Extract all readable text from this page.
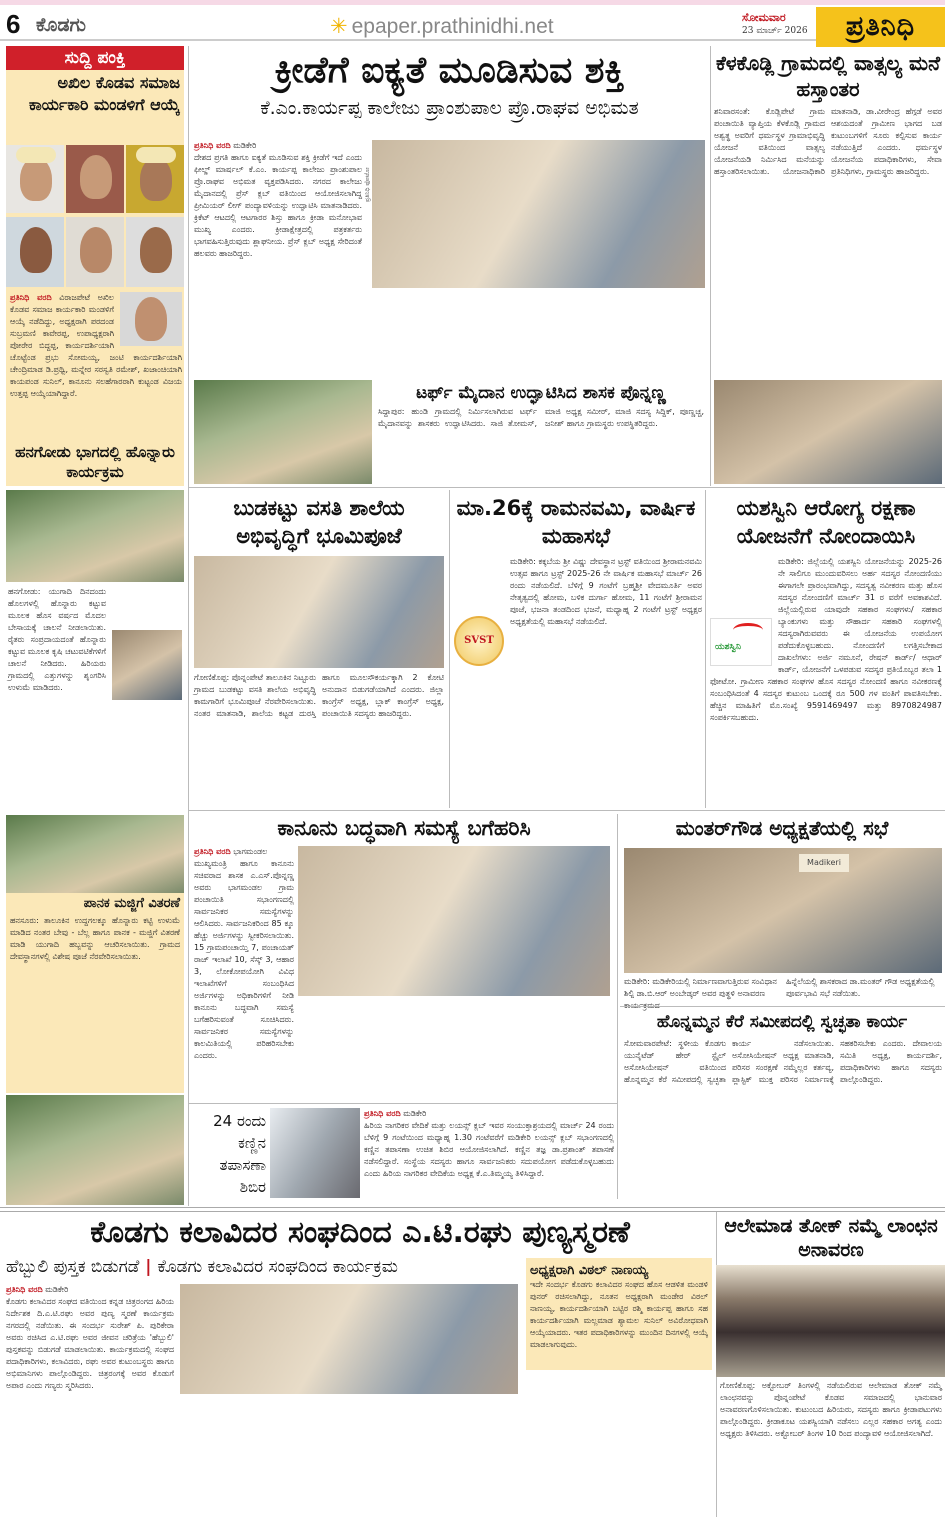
6 ಕೊಡಗು	✳ epaper.prathinidhi.net	ಸೋಮವಾರ
23 ಮಾರ್ಚ್ 2026	ಪ್ರತಿನಿಧಿ
ಸುದ್ದಿ ಪಂಕ್ತಿ
ಅಖಿಲ ಕೊಡವ ಸಮಾಜ ಕಾರ್ಯಕಾರಿ ಮಂಡಳಿಗೆ ಆಯ್ಕೆ
ಪ್ರತಿನಿಧಿ ವರದಿ ವಿರಾಜಪೇಟೆ ಅಖಿಲ ಕೊಡವ ಸಮಾಜ ಕಾರ್ಯಕಾರಿ ಮಂಡಳಿಗೆ ಆಯ್ಕೆ ನಡೆದಿದ್ದು, ಅಧ್ಯಕ್ಷರಾಗಿ ಪರದಂಡ ಸುಬ್ರಮಣಿ ಕಾವೇರಪ್ಪ, ಉಪಾಧ್ಯಕ್ಷರಾಗಿ ಪೋರೇರ ಬಿದ್ದಪ್ಪ, ಕಾರ್ಯದರ್ಶಿಯಾಗಿ ಚೊಟ್ಟೆಂಡ ಪ್ರಭು ಸೋಮಯ್ಯ, ಜಂಟಿ ಕಾರ್ಯದರ್ಶಿಯಾಗಿ ಚೇಂದ್ರಿಮಾಡ ಡಿ.ಪ್ರಥ್ವಿ, ಮನ್ನೇರ ಸರಸ್ವತಿ ರಮೇಶ್, ಖಜಾಂಚಿಯಾಗಿ ಕಾಯಪಂಡ ಸುನಿಲ್, ಕಾನೂನು ಸಲಹೆಗಾರರಾಗಿ ಕುಟ್ಟಂಡ ವಿಜಯ ಉತ್ತಪ್ಪ ಆಯ್ಕೆಯಾಗಿದ್ದಾರೆ.
ಹನಗೋಡು ಭಾಗದಲ್ಲಿ ಹೊನ್ನಾರು ಕಾರ್ಯಕ್ರಮ
ಹನಗೋಡು: ಯುಗಾದಿ ದಿನದಂದು ಹೊಲಗಳಲ್ಲಿ ಹೊನ್ನಾರು ಕಟ್ಟುವ ಮೂಲಕ ಹೊಸ ವರ್ಷದ ಮೊದಲ ಬೇಸಾಯಕ್ಕೆ ಚಾಲನೆ ನೀಡಲಾಯಿತು. ರೈತರು ಸಂಪ್ರದಾಯದಂತೆ ಹೊನ್ನಾರು ಕಟ್ಟುವ ಮೂಲಕ ಕೃಷಿ ಚಟುವಟಿಕೆಗಳಿಗೆ ಚಾಲನೆ ನೀಡಿದರು. ಹಿರಿಯರು ಗ್ರಾಮದಲ್ಲಿ ಎತ್ತುಗಳನ್ನು ಶೃಂಗರಿಸಿ ಉಳುಮೆ ಮಾಡಿದರು.
ಪಾನಕ ಮಜ್ಜಿಗೆ ವಿತರಣೆ
ಹನಸೂರು: ತಾಲೂಕಿನ ಉದ್ದಗಲಕ್ಕೂ ಹೊನ್ನಾರು ಕಟ್ಟಿ ಉಳುಮೆ ಮಾಡಿದ ನಂತರ ಬೇವು - ಬೆಲ್ಲ ಹಾಗೂ ಪಾನಕ - ಮಜ್ಜಿಗೆ ವಿತರಣೆ ಮಾಡಿ ಯುಗಾದಿ ಹಬ್ಬವನ್ನು ಆಚರಿಸಲಾಯಿತು. ಗ್ರಾಮದ ದೇವಸ್ಥಾನಗಳಲ್ಲಿ ವಿಶೇಷ ಪೂಜೆ ನೆರವೇರಿಸಲಾಯಿತು.
ಕ್ರೀಡೆಗೆ ಐಕ್ಯತೆ ಮೂಡಿಸುವ ಶಕ್ತಿ
ಕೆ.ಎಂ.ಕಾರ್ಯಪ್ಪ ಕಾಲೇಜು ಪ್ರಾಂಶುಪಾಲ ಪ್ರೊ.ರಾಘವ ಅಭಿಮತ
ಪ್ರತಿನಿಧಿ ವರದಿ ಮಡಿಕೇರಿ
ದೇಶದ ಪ್ರಗತಿ ಹಾಗೂ ಐಕ್ಯತೆ ಮೂಡಿಸುವ ಶಕ್ತಿ ಕ್ರೀಡೆಗೆ ಇದೆ ಎಂದು ಫೀಲ್ಡ್ ಮಾರ್ಷಲ್ ಕೆ.ಎಂ. ಕಾರ್ಯಪ್ಪ ಕಾಲೇಜು ಪ್ರಾಂಶುಪಾಲ ಪ್ರೊ.ರಾಘವ ಅಭಿಮತ ವ್ಯಕ್ತಪಡಿಸಿದರು. ನಗರದ ಕಾಲೇಜು ಮೈದಾನದಲ್ಲಿ ಪ್ರೆಸ್ ಕ್ಲಬ್ ವತಿಯಿಂದ ಆಯೋಜಿಸಲಾಗಿದ್ದ ಪ್ರೀಮಿಯರ್ ಲೀಗ್ ಪಂದ್ಯಾವಳಿಯನ್ನು ಉದ್ಘಾಟಿಸಿ ಮಾತನಾಡಿದರು. ಕ್ರಿಕೆಟ್ ಆಟದಲ್ಲಿ ಆಟಗಾರರ ಶಿಸ್ತು ಹಾಗೂ ಕ್ರೀಡಾ ಮನೋಭಾವ ಮುಖ್ಯ ಎಂದರು. ಕ್ರೀಡಾಕ್ಷೇತ್ರದಲ್ಲಿ ಪತ್ರಕರ್ತರು ಭಾಗವಹಿಸುತ್ತಿರುವುದು ಶ್ಲಾಘನೀಯ. ಪ್ರೆಸ್ ಕ್ಲಬ್ ಅಧ್ಯಕ್ಷ ಸೇರಿದಂತೆ ಹಲವರು ಹಾಜರಿದ್ದರು.
ಪ್ರತಿನಿಧಿ ಫೋಟೋ
ಟರ್ಫ್ ಮೈದಾನ ಉದ್ಘಾಟಿಸಿದ ಶಾಸಕ ಪೊನ್ನಣ್ಣ
ಸಿದ್ದಾಪುರ: ಹುಂಡಿ ಗ್ರಾಮದಲ್ಲಿ ನಿರ್ಮಿಸಲಾಗಿರುವ ಟರ್ಫ್ ಮೈದಾನವನ್ನು ಶಾಸಕರು ಉದ್ಘಾಟಿಸಿದರು. ಸಾಜಿ ತೋಮಸ್, ಮಾಜಿ ಅಧ್ಯಕ್ಷ ಸಮೀರ್, ಮಾಜಿ ಸದಸ್ಯ ಸಿದ್ದಿಕ್, ಪೂಣ್ಣಚ್ಚ, ಜನೀಶ್ ಹಾಗೂ ಗ್ರಾಮಸ್ಥರು ಉಪಸ್ಥಿತರಿದ್ದರು.
ಕೆಳಕೊಡ್ಲಿ ಗ್ರಾಮದಲ್ಲಿ ವಾತ್ಸಲ್ಯ ಮನೆ ಹಸ್ತಾಂತರ
ಶನಿವಾರಸಂತೆ: ಕೊಡ್ಲಿಪೇಟೆ ಗ್ರಾಮ ಪಂಚಾಯಿತಿ ವ್ಯಾಪ್ತಿಯ ಕೆಳಕೊಡ್ಲಿ ಗ್ರಾಮದ ಅಶ್ವತ್ಥ ಅವರಿಗೆ ಧರ್ಮಸ್ಥಳ ಗ್ರಾಮಾಭಿವೃದ್ಧಿ ಯೋಜನೆ ವತಿಯಿಂದ ವಾತ್ಸಲ್ಯ ಯೋಜನೆಯಡಿ ನಿರ್ಮಿಸಿದ ಮನೆಯನ್ನು ಹಸ್ತಾಂತರಿಸಲಾಯಿತು. ಯೋಜನಾಧಿಕಾರಿ ಮಾತನಾಡಿ, ಡಾ.ವೀರೇಂದ್ರ ಹೆಗ್ಗಡೆ ಅವರ ಆಶಯದಂತೆ ಗ್ರಾಮೀಣ ಭಾಗದ ಬಡ ಕುಟುಂಬಗಳಿಗೆ ಸೂರು ಕಲ್ಪಿಸುವ ಕಾರ್ಯ ನಡೆಯುತ್ತಿದೆ ಎಂದರು. ಧರ್ಮಸ್ಥಳ ಯೋಜನೆಯ ಪದಾಧಿಕಾರಿಗಳು, ಸೇವಾ ಪ್ರತಿನಿಧಿಗಳು, ಗ್ರಾಮಸ್ಥರು ಹಾಜರಿದ್ದರು.
ಬುಡಕಟ್ಟು ವಸತಿ ಶಾಲೆಯ ಅಭಿವೃದ್ಧಿಗೆ ಭೂಮಿಪೂಜೆ
ಗೋಣಿಕೊಪ್ಪ: ಪೊನ್ನಂಪೇಟೆ ತಾಲೂಕಿನ ನಿಟ್ಟೂರು ಗ್ರಾಮದ ಬುಡಕಟ್ಟು ವಸತಿ ಶಾಲೆಯ ಅಭಿವೃದ್ಧಿ ಕಾಮಗಾರಿಗೆ ಭೂಮಿಪೂಜೆ ನೆರವೇರಿಸಲಾಯಿತು. ನಂತರ ಮಾತನಾಡಿ, ಶಾಲೆಯ ಕಟ್ಟಡ ದುರಸ್ತಿ ಹಾಗೂ ಮೂಲಸೌಕರ್ಯಕ್ಕಾಗಿ 2 ಕೋಟಿ ಅನುದಾನ ಬಿಡುಗಡೆಯಾಗಿದೆ ಎಂದರು. ಜಿಲ್ಲಾ ಕಾಂಗ್ರೆಸ್ ಅಧ್ಯಕ್ಷ, ಬ್ಲಾಕ್ ಕಾಂಗ್ರೆಸ್ ಅಧ್ಯಕ್ಷ, ಪಂಚಾಯಿತಿ ಸದಸ್ಯರು ಹಾಜರಿದ್ದರು.
ಮಾ.26ಕ್ಕೆ ರಾಮನವಮಿ, ವಾರ್ಷಿಕ ಮಹಾಸಭೆ
SVST
ಮಡಿಕೇರಿ: ಕಕ್ಕಬೆಯ ಶ್ರೀ ವಿಷ್ಣು ದೇವಸ್ಥಾನ ಟ್ರಸ್ಟ್ ವತಿಯಿಂದ ಶ್ರೀರಾಮನವಮಿ ಉತ್ಸವ ಹಾಗೂ ಟ್ರಸ್ಟ್ 2025-26 ನೇ ವಾರ್ಷಿಕ ಮಹಾಸಭೆ ಮಾರ್ಚ್ 26 ರಂದು ನಡೆಯಲಿದೆ. ಬೆಳಿಗ್ಗೆ 9 ಗಂಟೆಗೆ ಬ್ರಹ್ಮಶ್ರೀ ವೇದಮೂರ್ತಿ ಅವರ ನೇತೃತ್ವದಲ್ಲಿ ಹೋಮ, ಬಳಿಕ ದುರ್ಗಾ ಹೋಮ, 11 ಗಂಟೆಗೆ ಶ್ರೀರಾಮನ ಪೂಜೆ, ಭಜನಾ ತಂಡದಿಂದ ಭಜನೆ, ಮಧ್ಯಾಹ್ನ 2 ಗಂಟೆಗೆ ಟ್ರಸ್ಟ್ ಅಧ್ಯಕ್ಷರ ಅಧ್ಯಕ್ಷತೆಯಲ್ಲಿ ಮಹಾಸಭೆ ನಡೆಯಲಿದೆ.
ಯಶಸ್ವಿನಿ ಆರೋಗ್ಯ ರಕ್ಷಣಾ ಯೋಜನೆಗೆ ನೋಂದಾಯಿಸಿ
ಯಶಸ್ವಿನಿ
ಮಡಿಕೇರಿ: ಜಿಲ್ಲೆಯಲ್ಲಿ ಯಶಸ್ವಿನಿ ಯೋಜನೆಯನ್ನು 2025-26 ನೇ ಸಾಲಿಗೂ ಮುಂದುವರಿಸಲು ಅರ್ಹ ಸದಸ್ಯರ ನೋಂದಣಿಯು ಈಗಾಗಲೇ ಪ್ರಾರಂಭವಾಗಿದ್ದು, ಸದಸ್ಯತ್ವ ನವೀಕರಣ ಮತ್ತು ಹೊಸ ಸದಸ್ಯರ ನೋಂದಣಿಗೆ ಮಾರ್ಚ್ 31 ರ ವರೆಗೆ ಅವಕಾಶವಿದೆ. ಜಿಲ್ಲೆಯಲ್ಲಿರುವ ಯಾವುದೇ ಸಹಕಾರ ಸಂಘಗಳು/ ಸಹಕಾರ ಬ್ಯಾಂಕುಗಳು ಮತ್ತು ಸೌಹಾರ್ದ ಸಹಕಾರಿ ಸಂಘಗಳಲ್ಲಿ ಸದಸ್ಯರಾಗಿರುವವರು ಈ ಯೋಜನೆಯ ಉಪಯೋಗ ಪಡೆದುಕೊಳ್ಳಬಹುದು. ನೋಂದಣಿಗೆ ಲಗತ್ತಿಸಬೇಕಾದ ದಾಖಲೆಗಳು: ಅರ್ಜಿ ನಮೂನೆ, ರೇಷನ್ ಕಾರ್ಡ್/ ಆಧಾರ್ ಕಾರ್ಡ್, ಯೋಜನೆಗೆ ಒಳಪಡುವ ಸದಸ್ಯರ ಪ್ರತಿಯೊಬ್ಬರ ತಲಾ 1 ಫೋಟೋ. ಗ್ರಾಮೀಣ ಸಹಕಾರ ಸಂಘಗಳ ಹೊಸ ಸದಸ್ಯರ ನೋಂದಣಿ ಹಾಗೂ ನವೀಕರಣಕ್ಕೆ ಸಂಬಂಧಿಸಿದಂತೆ 4 ಸದಸ್ಯರ ಕುಟುಂಬ ಒಂದಕ್ಕೆ ರೂ 500 ಗಳ ವಂತಿಗೆ ಪಾವತಿಸಬೇಕು. ಹೆಚ್ಚಿನ ಮಾಹಿತಿಗೆ ಮೊ.ಸಂಖ್ಯೆ 9591469497 ಮತ್ತು 8970824987 ಸಂಪರ್ಕಿಸಬಹುದು.
ಕಾನೂನು ಬದ್ಧವಾಗಿ ಸಮಸ್ಯೆ ಬಗೆಹರಿಸಿ
ಪ್ರತಿನಿಧಿ ವರದಿ ಭಾಗಮಂಡಲ
ಮುಖ್ಯಮಂತ್ರಿ ಹಾಗೂ ಕಾನೂನು ಸಚಿವರಾದ ಶಾಸಕ ಎ.ಎಸ್.ಪೊನ್ನಣ್ಣ ಅವರು ಭಾಗಮಂಡಲ ಗ್ರಾಮ ಪಂಚಾಯಿತಿ ಸಭಾಂಗಣದಲ್ಲಿ ಸಾರ್ವಜನಿಕರ ಸಮಸ್ಯೆಗಳನ್ನು ಆಲಿಸಿದರು. ಸಾರ್ವಜನಿಕರಿಂದ 85 ಕ್ಕೂ ಹೆಚ್ಚು ಅರ್ಜಿಗಳನ್ನು ಸ್ವೀಕರಿಸಲಾಯಿತು. 15 ಗ್ರಾಮಪಂಚಾಯ್ತಿ 7, ಪಂಚಾಯತ್ ರಾಜ್ ಇಲಾಖೆ 10, ಸೆಸ್ಕ್ 3, ಆಹಾರ 3, ಲೋಕೋಪಯೋಗಿ ವಿವಿಧ ಇಲಾಖೆಗಳಿಗೆ ಸಂಬಂಧಿಸಿದ ಅರ್ಜಿಗಳನ್ನು ಅಧಿಕಾರಿಗಳಿಗೆ ನೀಡಿ ಕಾನೂನು ಬದ್ಧವಾಗಿ ಸಮಸ್ಯೆ ಬಗೆಹರಿಸುವಂತೆ ಸೂಚಿಸಿದರು. ಸಾರ್ವಜನಿಕರ ಸಮಸ್ಯೆಗಳನ್ನು ಕಾಲಮಿತಿಯಲ್ಲಿ ಪರಿಹರಿಸಬೇಕು ಎಂದರು.
ಮಂತರ್‌ಗೌಡ ಅಧ್ಯಕ್ಷತೆಯಲ್ಲಿ ಸಭೆ
Madikeri
ಮಡಿಕೇರಿ: ಮಡಿಕೇರಿಯಲ್ಲಿ ನಿರ್ಮಾಣವಾಗುತ್ತಿರುವ ಸಂವಿಧಾನ ಶಿಲ್ಪಿ ಡಾ.ಬಿ.ಆರ್ ಅಂಬೇಡ್ಕರ್ ಅವರ ಪುತ್ಥಳಿ ಅನಾವರಣ
ಹಿನ್ನೆಲೆಯಲ್ಲಿ ಶಾಸಕರಾದ ಡಾ.ಮಂತರ್ ಗೌಡ ಅಧ್ಯಕ್ಷತೆಯಲ್ಲಿ ಪೂರ್ವಭಾವಿ ಸಭೆ ನಡೆಯಿತು.
ಹೊನ್ನಮ್ಮನ ಕೆರೆ ಸಮೀಪದಲ್ಲಿ ಸ್ವಚ್ಛತಾ ಕಾರ್ಯ
ಸೋಮವಾರಪೇಟೆ: ಸ್ಥಳೀಯ ಕೊಡಗು ಯುನೈಟೆಡ್ ಹೇರ್ ಸ್ಟೈಲ್ ಅಸೋಸಿಯೇಷನ್ ವತಿಯಿಂದ ಹೊನ್ನಮ್ಮನ ಕೆರೆ ಸಮೀಪದಲ್ಲಿ ಸ್ವಚ್ಛತಾ ಕಾರ್ಯ ನಡೆಸಲಾಯಿತು. ಅಸೋಸಿಯೇಷನ್ ಅಧ್ಯಕ್ಷ ಮಾತನಾಡಿ, ಪರಿಸರ ಸಂರಕ್ಷಣೆ ನಮ್ಮೆಲ್ಲರ ಕರ್ತವ್ಯ, ಪ್ಲಾಸ್ಟಿಕ್ ಮುಕ್ತ ಪರಿಸರ ನಿರ್ಮಾಣಕ್ಕೆ ಸಹಕರಿಸಬೇಕು ಎಂದರು. ದೇವಾಲಯ ಸಮಿತಿ ಅಧ್ಯಕ್ಷ, ಕಾರ್ಯದರ್ಶಿ, ಪದಾಧಿಕಾರಿಗಳು ಹಾಗೂ ಸದಸ್ಯರು ಪಾಲ್ಗೊಂಡಿದ್ದರು.
24 ರಂದು ಕಣ್ಣಿನ ತಪಾಸಣಾ ಶಿಬಿರ
ಪ್ರತಿನಿಧಿ ವರದಿ ಮಡಿಕೇರಿ
ಹಿರಿಯ ನಾಗರಿಕರ ವೇದಿಕೆ ಮತ್ತು ಲಯನ್ಸ್ ಕ್ಲಬ್ ಇವರ ಸಂಯುಕ್ತಾಶ್ರಯದಲ್ಲಿ ಮಾರ್ಚ್ 24 ರಂದು ಬೆಳಿಗ್ಗೆ 9 ಗಂಟೆಯಿಂದ ಮಧ್ಯಾಹ್ನ 1.30 ಗಂಟೆವರೆಗೆ ಮಡಿಕೇರಿ ಲಯನ್ಸ್ ಕ್ಲಬ್ ಸಭಾಂಗಣದಲ್ಲಿ ಕಣ್ಣಿನ ತಪಾಸಣಾ ಉಚಿತ ಶಿಬಿರ ಆಯೋಜಿಸಲಾಗಿದೆ. ಕಣ್ಣಿನ ತಜ್ಞ ಡಾ.ಪ್ರಶಾಂತ್ ತಪಾಸಣೆ ನಡೆಸಲಿದ್ದಾರೆ. ಸಂಸ್ಥೆಯ ಸದಸ್ಯರು ಹಾಗೂ ಸಾರ್ವಜನಿಕರು ಸದುಪಯೋಗ ಪಡೆದುಕೊಳ್ಳಬಹುದು ಎಂದು ಹಿರಿಯ ನಾಗರಿಕರ ವೇದಿಕೆಯ ಅಧ್ಯಕ್ಷ ಕೆ.ಎ.ತಿಮ್ಮಯ್ಯ ತಿಳಿಸಿದ್ದಾರೆ.
ಕೊಡಗು ಕಲಾವಿದರ ಸಂಘದಿಂದ ಎ.ಟಿ.ರಘು ಪುಣ್ಯಸ್ಮರಣೆ
ಹೆಬ್ಬುಲಿ ಪುಸ್ತಕ ಬಿಡುಗಡೆ | ಕೊಡಗು ಕಲಾವಿದರ ಸಂಘದಿಂದ ಕಾರ್ಯಕ್ರಮ
ಪ್ರತಿನಿಧಿ ವರದಿ ಮಡಿಕೇರಿ
ಕೊಡಗು ಕಲಾವಿದರ ಸಂಘದ ವತಿಯಿಂದ ಕನ್ನಡ ಚಿತ್ರರಂಗದ ಹಿರಿಯ ನಿರ್ದೇಶಕ ದಿ.ಎ.ಟಿ.ರಘು ಅವರ ಪುಣ್ಯ ಸ್ಮರಣೆ ಕಾರ್ಯಕ್ರಮ ನಗರದಲ್ಲಿ ನಡೆಯಿತು. ಈ ಸಂದರ್ಭ ಸುರೇಶ್ ಪಿ. ಪುರಿಕೇರಾ ಅವರು ರಚಿಸಿದ ಎ.ಟಿ.ರಘು ಅವರ ಜೀವನ ಚರಿತ್ರೆಯ 'ಹೆಬ್ಬುಲಿ' ಪುಸ್ತಕವನ್ನು ಬಿಡುಗಡೆ ಮಾಡಲಾಯಿತು. ಕಾರ್ಯಕ್ರಮದಲ್ಲಿ ಸಂಘದ ಪದಾಧಿಕಾರಿಗಳು, ಕಲಾವಿದರು, ರಘು ಅವರ ಕುಟುಂಬಸ್ಥರು ಹಾಗೂ ಅಭಿಮಾನಿಗಳು ಪಾಲ್ಗೊಂಡಿದ್ದರು. ಚಿತ್ರರಂಗಕ್ಕೆ ಅವರ ಕೊಡುಗೆ ಅಪಾರ ಎಂದು ಗಣ್ಯರು ಸ್ಮರಿಸಿದರು.
ಅಧ್ಯಕ್ಷರಾಗಿ ವಿಠಲ್ ನಾಣಯ್ಯ
ಇದೇ ಸಂದರ್ಭ ಕೊಡಗು ಕಲಾವಿದರ ಸಂಘದ ಹೊಸ ಆಡಳಿತ ಮಂಡಳಿ ಪುನರ್ ರಚಿಸಲಾಗಿದ್ದು, ನೂತನ ಅಧ್ಯಕ್ಷರಾಗಿ ಮಂಡೇರ ವಿಠಲ್ ನಾಣಯ್ಯ, ಕಾರ್ಯದರ್ಶಿಯಾಗಿ ಬಟ್ಟಿರ ರಶ್ಮಿ ಕಾರ್ಯಪ್ಪ ಹಾಗೂ ಸಹ ಕಾರ್ಯದರ್ಶಿಯಾಗಿ ಮಲ್ಲಮಾಡ ಶ್ಯಾಮಲ ಸುನಿಲ್ ಅವಿರೋಧವಾಗಿ ಆಯ್ಕೆಯಾದರು. ಇತರ ಪದಾಧಿಕಾರಿಗಳನ್ನು ಮುಂದಿನ ದಿನಗಳಲ್ಲಿ ಆಯ್ಕೆ ಮಾಡಲಾಗುವುದು.
ಆಲೇಮಾಡ ತೋಕ್ ನಮ್ಮೆ ಲಾಂಛನ ಅನಾವರಣ
ಗೋಣಿಕೊಪ್ಪ: ಅಕ್ಟೋಬರ್ ತಿಂಗಳಲ್ಲಿ ನಡೆಯಲಿರುವ ಆಲೇಮಾಡ ತೋಕ್ ನಮ್ಮೆ ಲಾಂಛನವನ್ನು ಪೊನ್ನಂಪೇಟೆ ಕೊಡವ ಸಮಾಜದಲ್ಲಿ ಭಾನುವಾರ ಅನಾವರಣಗೊಳಿಸಲಾಯಿತು. ಕುಟುಂಬದ ಹಿರಿಯರು, ಸದಸ್ಯರು ಹಾಗೂ ಕ್ರೀಡಾಪಟುಗಳು ಪಾಲ್ಗೊಂಡಿದ್ದರು. ಕ್ರೀಡಾಕೂಟ ಯಶಸ್ವಿಯಾಗಿ ನಡೆಸಲು ಎಲ್ಲರ ಸಹಕಾರ ಅಗತ್ಯ ಎಂದು ಅಧ್ಯಕ್ಷರು ತಿಳಿಸಿದರು. ಅಕ್ಟೋಬರ್ ತಿಂಗಳ 10 ರಿಂದ ಪಂದ್ಯಾವಳಿ ಆಯೋಜಿಸಲಾಗಿದೆ.
